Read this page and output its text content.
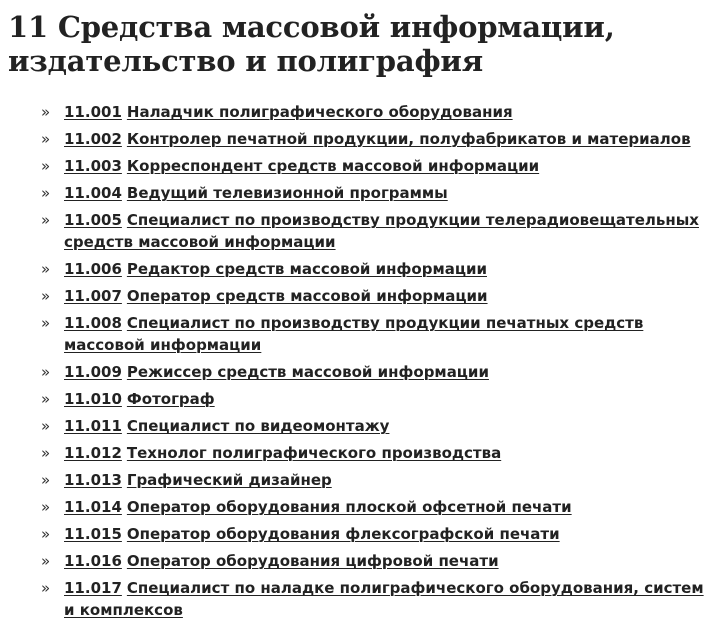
11 Средства массовой информации,
издательство и полиграфия
» 11.001 Наладчик полиграфического оборудования
» 11.002 Контролер печатной продукции, полуфабрикатов и материалов
» 11.003 Корреспондент средств массовой информации
» 11.004 Ведущий телевизионной программы
» 11.005 Специалист по производству продукции телерадиовещательных средств массовой информации
» 11.006 Редактор средств массовой информации
» 11.007 Оператор средств массовой информации
» 11.008 Специалист по производству продукции печатных средств массовой информации
» 11.009 Режиссер средств массовой информации
» 11.010 Фотограф
» 11.011 Специалист по видеомонтажу
» 11.012 Технолог полиграфического производства
» 11.013 Графический дизайнер
» 11.014 Оператор оборудования плоской офсетной печати
» 11.015 Оператор оборудования флексографской печати
» 11.016 Оператор оборудования цифровой печати
» 11.017 Специалист по наладке полиграфического оборудования, систем и комплексов
